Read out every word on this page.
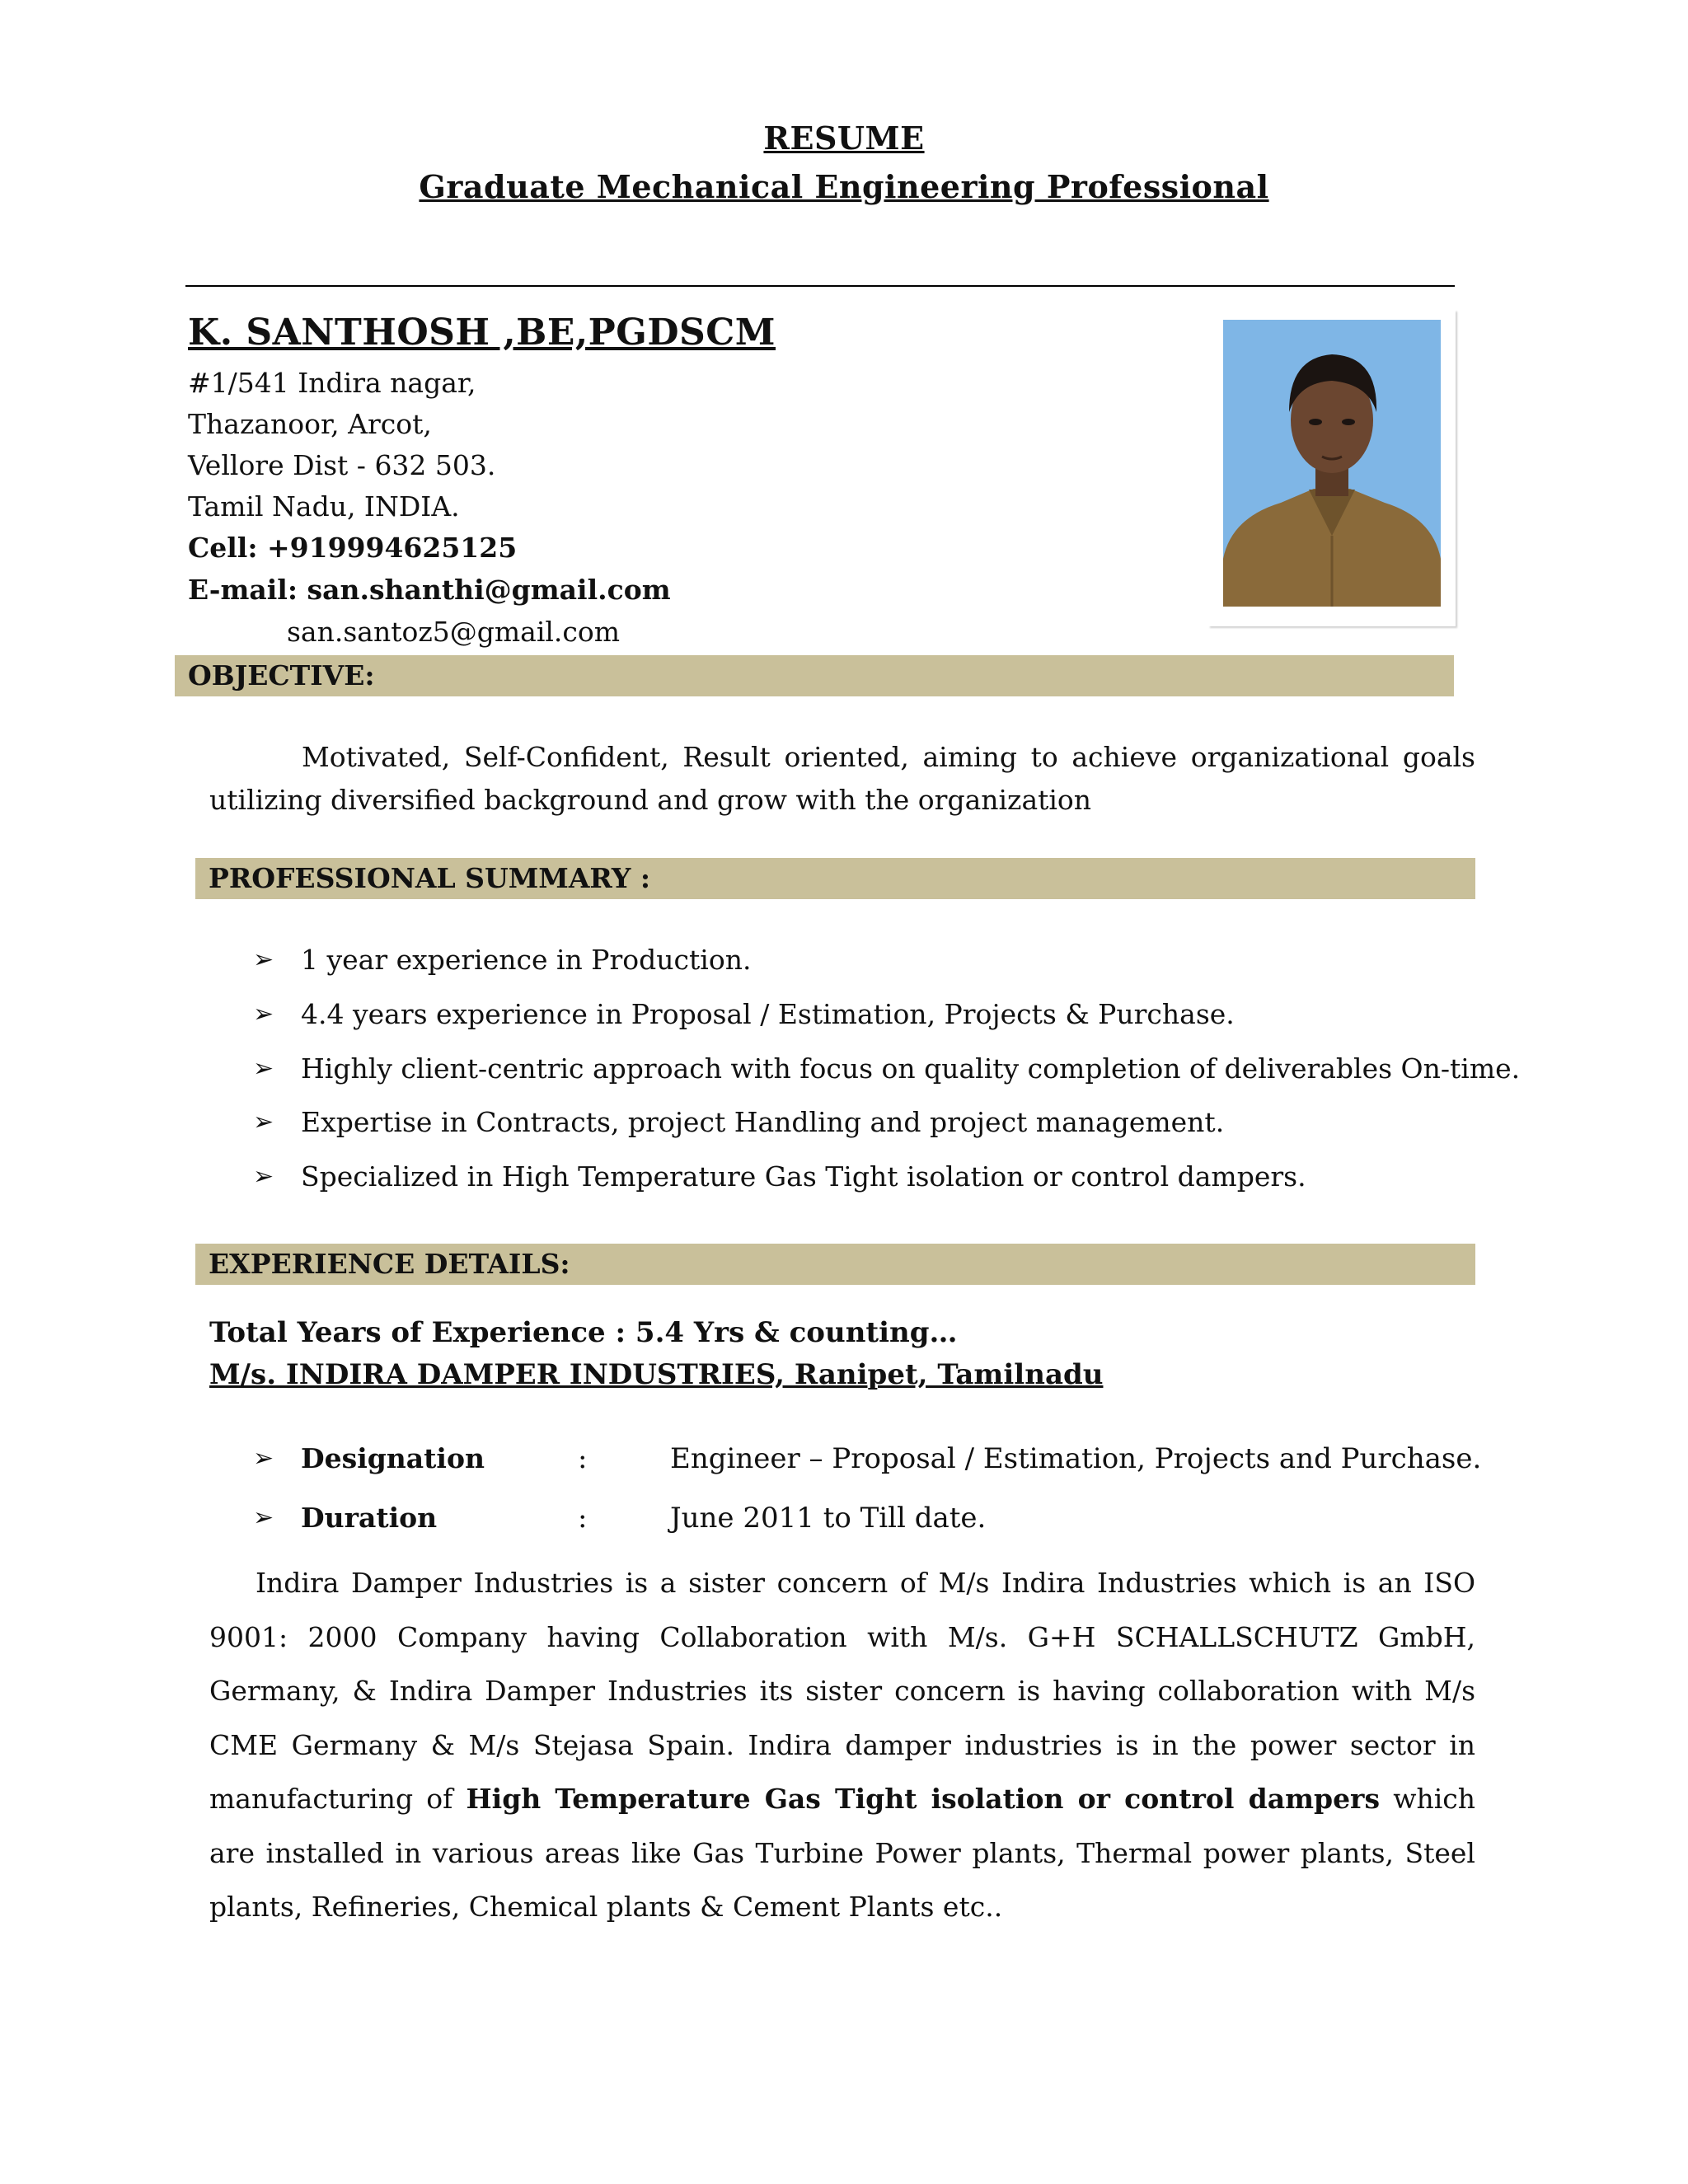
RESUME
Graduate Mechanical Engineering Professional
K. SANTHOSH ,BE,PGDSCM
#1/541 Indira nagar,
Thazanoor, Arcot,
Vellore Dist - 632 503.
Tamil Nadu, INDIA.
Cell: +919994625125
E-mail: san.shanthi@gmail.com
san.santoz5@gmail.com
OBJECTIVE:
Motivated, Self-Confident, Result oriented, aiming to achieve organizational goals utilizing diversified background and grow with the organization
PROFESSIONAL SUMMARY :
➢ 1 year experience in Production.
➢ 4.4 years experience in Proposal / Estimation, Projects & Purchase.
➢ Highly client-centric approach with focus on quality completion of deliverables On-time.
➢ Expertise in Contracts, project Handling and project management.
➢ Specialized in High Temperature Gas Tight isolation or control dampers.
EXPERIENCE DETAILS:
Total Years of Experience : 5.4 Yrs & counting…
M/s. INDIRA DAMPER INDUSTRIES, Ranipet, Tamilnadu
➢ Designation	:	Engineer – Proposal / Estimation, Projects and Purchase.
➢ Duration	:	June 2011 to Till date.
Indira Damper Industries is a sister concern of M/s Indira Industries which is an ISO 9001: 2000 Company having Collaboration with M/s. G+H SCHALLSCHUTZ GmbH, Germany, & Indira Damper Industries its sister concern is having collaboration with M/s CME Germany & M/s Stejasa Spain. Indira damper industries is in the power sector in manufacturing of High Temperature Gas Tight isolation or control dampers which are installed in various areas like Gas Turbine Power plants, Thermal power plants, Steel plants, Refineries, Chemical plants & Cement Plants etc..
